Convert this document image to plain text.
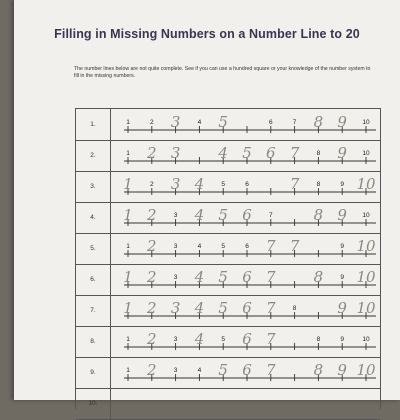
Filling in Missing Numbers on a Number Line to 20
The number lines below are not quite complete. See if you can use a hundred square or your knowledge of the number system to fill in the missing numbers.
1.	1	2 3	4 5	6	7 8 9 10
2.	1 2 3	4 5 6 7	8 9 10
3.	1	2 3 4	5	6	7	8	9 10
4.	1 2	3 4 5 6	7	8 9 10
5.	1 2	3	4	5	6 7 7	9 10
6.	1 2	3 4 5 6 7	8	9 10
7.	1 2 3 4 5 6 7	8	9 10
8.	1 2	3 4	5 6 7	8	9	10
9.	1 2	3	4 5 6 7	8 9 10
10.
